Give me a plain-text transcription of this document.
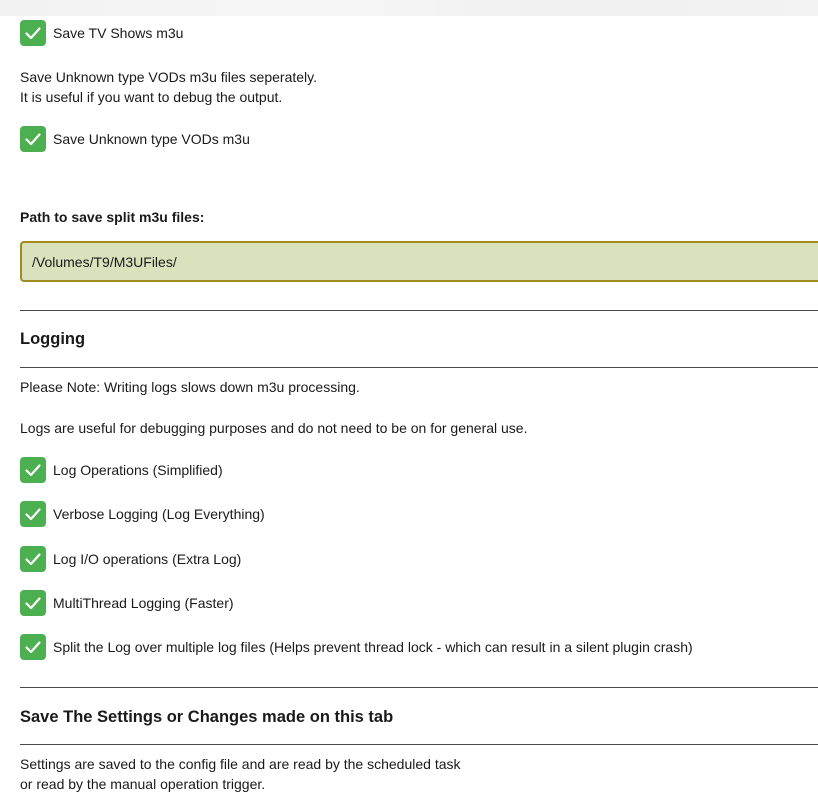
Save TV Shows m3u
Save Unknown type VODs m3u files seperately.
It is useful if you want to debug the output.
Save Unknown type VODs m3u
Path to save split m3u files:
/Volumes/T9/M3UFiles/
Logging
Please Note: Writing logs slows down m3u processing.
Logs are useful for debugging purposes and do not need to be on for general use.
Log Operations (Simplified)
Verbose Logging (Log Everything)
Log I/O operations (Extra Log)
MultiThread Logging (Faster)
Split the Log over multiple log files (Helps prevent thread lock - which can result in a silent plugin crash)
Save The Settings or Changes made on this tab
Settings are saved to the config file and are read by the scheduled task
or read by the manual operation trigger.
